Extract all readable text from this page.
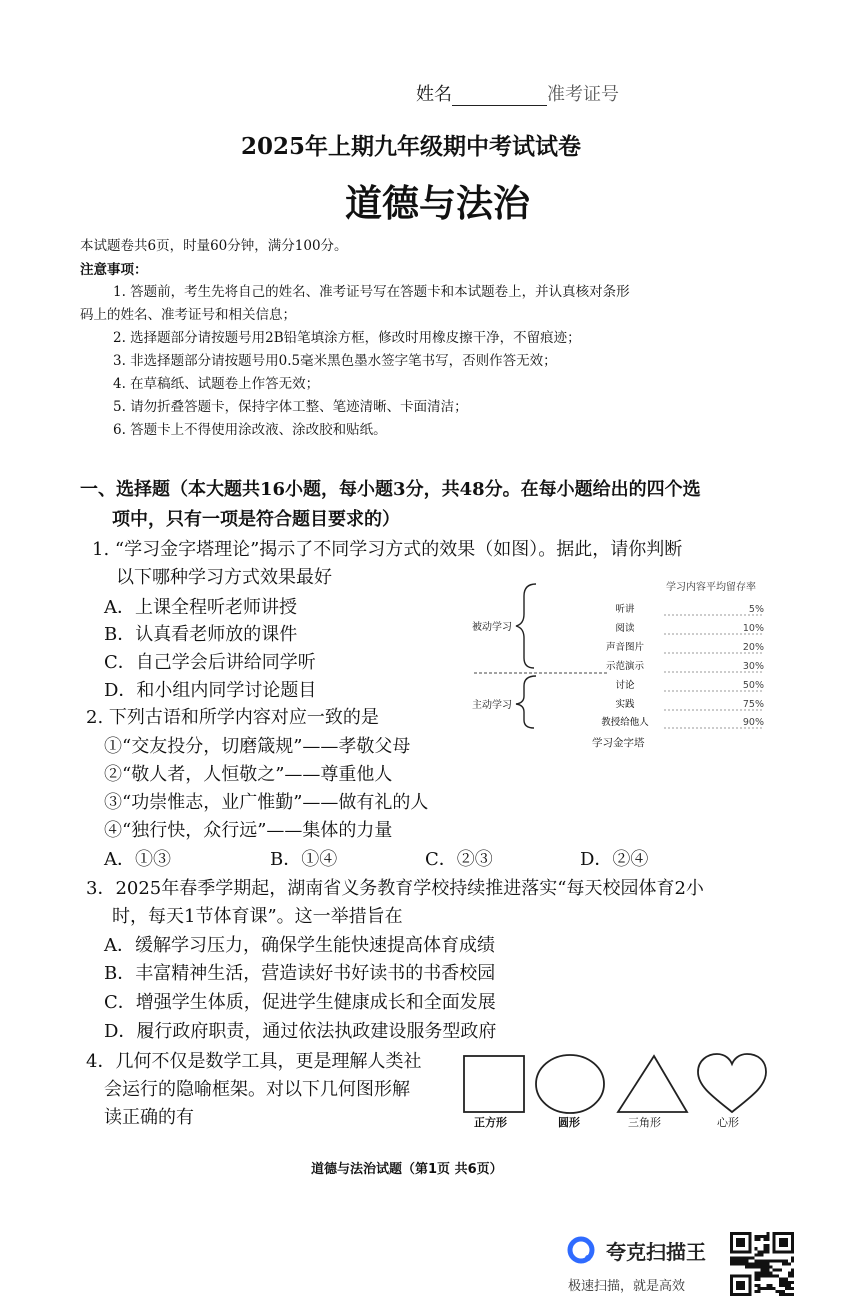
姓名	准考证号
2025年上期九年级期中考试试卷
道德与法治
本试题卷共6页，时量60分钟，满分100分。
注意事项：
1. 答题前，考生先将自己的姓名、准考证号写在答题卡和本试题卷上，并认真核对条形
码上的姓名、准考证号和相关信息；
2. 选择题部分请按题号用2B铅笔填涂方框，修改时用橡皮擦干净，不留痕迹；
3. 非选择题部分请按题号用0.5毫米黑色墨水签字笔书写，否则作答无效；
4. 在草稿纸、试题卷上作答无效；
5. 请勿折叠答题卡，保持字体工整、笔迹清晰、卡面清洁；
6. 答题卡上不得使用涂改液、涂改胶和贴纸。
一、选择题（本大题共16小题，每小题3分，共48分。在每小题给出的四个选
项中，只有一项是符合题目要求的）
1. “学习金字塔理论”揭示了不同学习方式的效果（如图）。据此，请你判断
以下哪种学习方式效果最好
A．上课全程听老师讲授
B．认真看老师放的课件
C．自己学会后讲给同学听
D．和小组内同学讨论题目
学习内容平均留存率
被动学习
主动学习
听讲	5%
阅读	10%
声音图片	20%
示范演示	30%
讨论	50%
实践	75%
教授给他人	90%
学习金字塔
2. 下列古语和所学内容对应一致的是
①“交友投分，切磨箴规”——孝敬父母
②“敬人者，人恒敬之”——尊重他人
③“功崇惟志，业广惟勤”——做有礼的人
④“独行快，众行远”——集体的力量
A．①③	B．①④	C．②③	D．②④
3．2025年春季学期起，湖南省义务教育学校持续推进落实“每天校园体育2小
时，每天1节体育课”。这一举措旨在
A．缓解学习压力，确保学生能快速提高体育成绩
B．丰富精神生活，营造读好书好读书的书香校园
C．增强学生体质，促进学生健康成长和全面发展
D．履行政府职责，通过依法执政建设服务型政府
4．几何不仅是数学工具，更是理解人类社
会运行的隐喻框架。对以下几何图形解
读正确的有	正方形	圆形	三角形	心形
道德与法治试题（第1页 共6页）
夸克扫描王
极速扫描，就是高效
